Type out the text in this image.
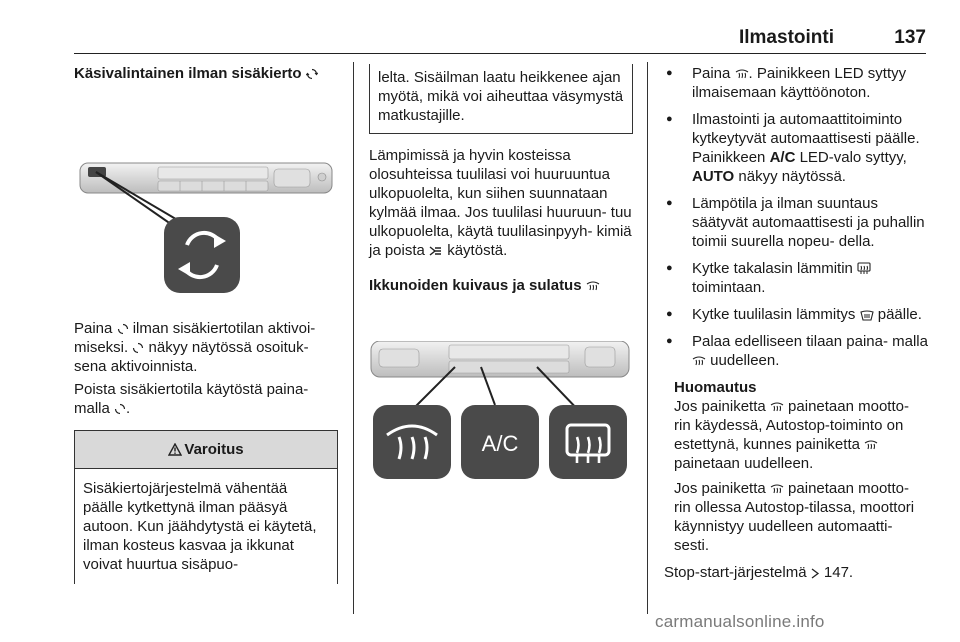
Ilmastointi	137
Käsivalintainen ilman sisäkierto

Paina  ilman sisäkiertotilan aktivoi- miseksi.  näkyy näytössä osoituk- sena aktivoinnista.

Poista sisäkiertotila käytöstä paina- malla .

Varoitus
Sisäkiertojärjestelmä vähentää päälle kytkettynä ilman pääsyä autoon. Kun jäähdytystä ei käytetä, ilman kosteus kasvaa ja ikkunat voivat huurtua sisäpuo-
lelta. Sisäilman laatu heikkenee ajan myötä, mikä voi aiheuttaa väsymystä matkustajille.

Lämpimissä ja hyvin kosteissa olosuhteissa tuulilasi voi huuruuntua ulkopuolelta, kun siihen suunnataan kylmää ilmaa. Jos tuulilasi huuruun- tuu ulkopuolelta, käytä tuulilasinpyyh- kimiä ja poista  käytöstä.

Ikkunoiden kuivaus ja sulatus
A/C
● Paina . Painikkeen LED syttyy ilmaisemaan käyttöönoton.
● Ilmastointi ja automaattitoiminto kytkeytyvät automaattisesti päälle. Painikkeen A/C LED-valo syttyy, AUTO näkyy näytössä.
● Lämpötila ja ilman suuntaus säätyvät automaattisesti ja puhallin toimii suurella nopeu- della.
● Kytke takalasin lämmitin  toimintaan.
● Kytke tuulilasin lämmitys  päälle.
● Palaa edelliseen tilaan paina- malla  uudelleen.
Huomautus

Jos painiketta  painetaan mootto- rin käydessä, Autostop-toiminto on estettynä, kunnes painiketta  painetaan uudelleen.

Jos painiketta  painetaan mootto- rin ollessa Autostop-tilassa, moottori käynnistyy uudelleen automaatti- sesti.

Stop-start-järjestelmä  147.

carmanualsonline.info
